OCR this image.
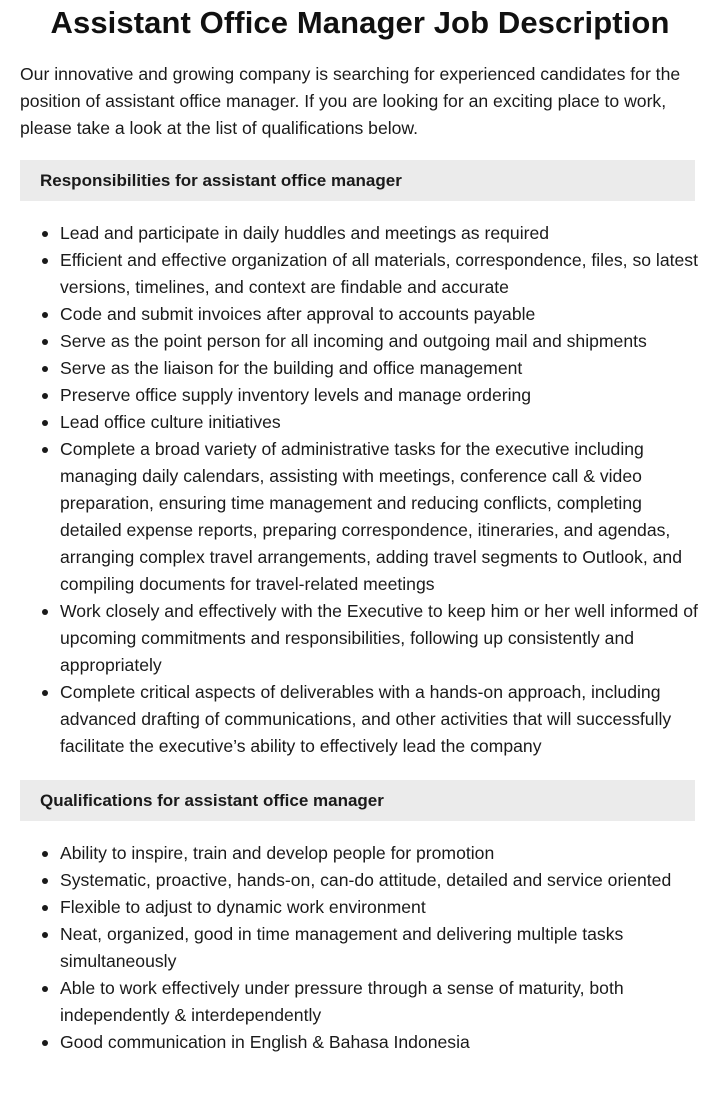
Assistant Office Manager Job Description

Our innovative and growing company is searching for experienced candidates for the position of assistant office manager. If you are looking for an exciting place to work, please take a look at the list of qualifications below.

Responsibilities for assistant office manager
Lead and participate in daily huddles and meetings as required
Efficient and effective organization of all materials, correspondence, files, so latest versions, timelines, and context are findable and accurate
Code and submit invoices after approval to accounts payable
Serve as the point person for all incoming and outgoing mail and shipments
Serve as the liaison for the building and office management
Preserve office supply inventory levels and manage ordering
Lead office culture initiatives
Complete a broad variety of administrative tasks for the executive including managing daily calendars, assisting with meetings, conference call & video preparation, ensuring time management and reducing conflicts, completing detailed expense reports, preparing correspondence, itineraries, and agendas, arranging complex travel arrangements, adding travel segments to Outlook, and compiling documents for travel-related meetings
Work closely and effectively with the Executive to keep him or her well informed of upcoming commitments and responsibilities, following up consistently and appropriately
Complete critical aspects of deliverables with a hands-on approach, including advanced drafting of communications, and other activities that will successfully facilitate the executive’s ability to effectively lead the company
Qualifications for assistant office manager
Ability to inspire, train and develop people for promotion
Systematic, proactive, hands-on, can-do attitude, detailed and service oriented
Flexible to adjust to dynamic work environment
Neat, organized, good in time management and delivering multiple tasks simultaneously
Able to work effectively under pressure through a sense of maturity, both independently & interdependently
Good communication in English & Bahasa Indonesia
